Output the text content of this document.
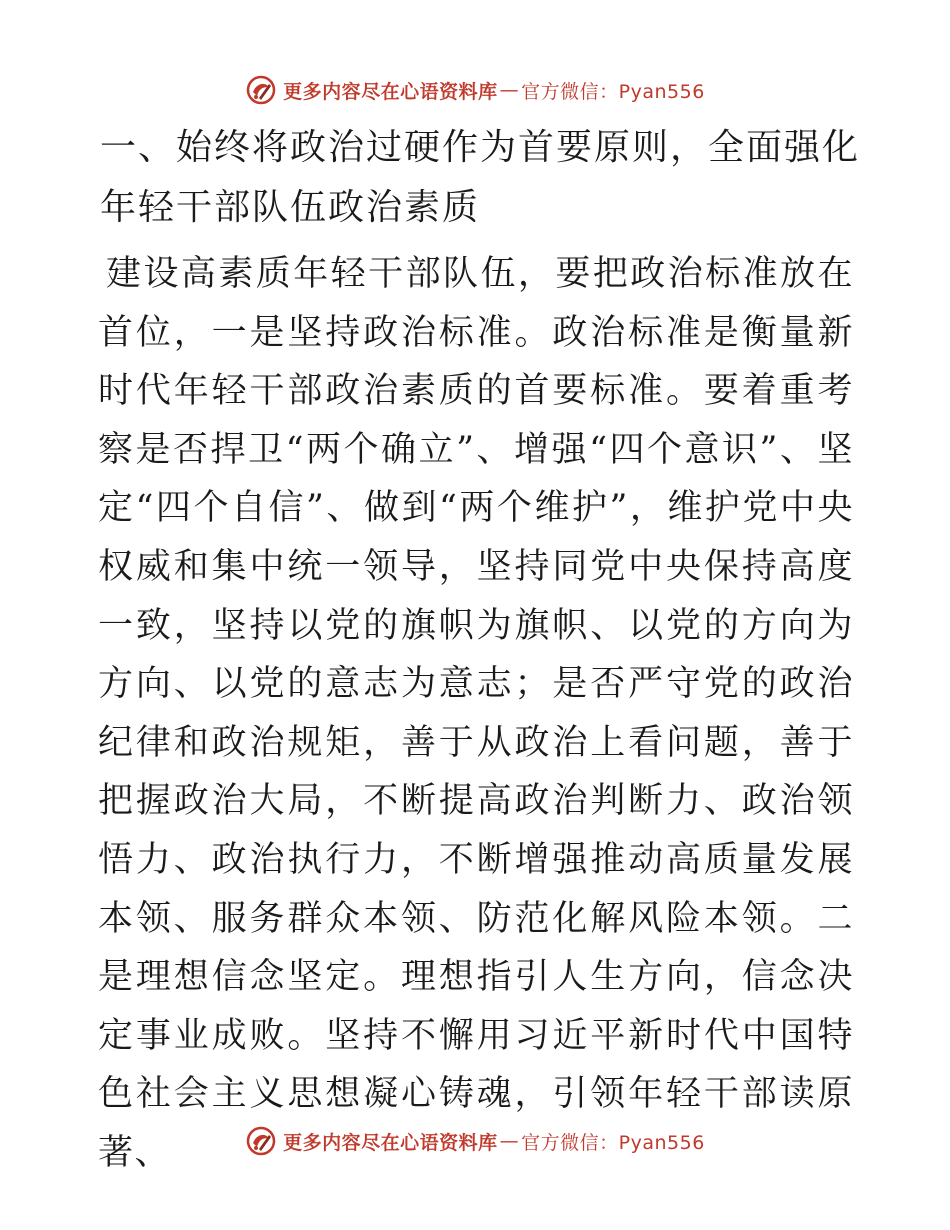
更多内容尽在心语资料库 — 官方微信：Pyan556
一、始终将政治过硬作为首要原则，全面强化年轻干部队伍政治素质

建设高素质年轻干部队伍，要把政治标准放在首位，一是坚持政治标准。政治标准是衡量新时代年轻干部政治素质的首要标准。要着重考察是否捍卫“两个确立”、增强“四个意识”、坚定“四个自信”、做到“两个维护”，维护党中央权威和集中统一领导，坚持同党中央保持高度一致，坚持以党的旗帜为旗帜、以党的方向为方向、以党的意志为意志；是否严守党的政治纪律和政治规矩，善于从政治上看问题，善于把握政治大局，不断提高政治判断力、政治领悟力、政治执行力，不断增强推动高质量发展本领、服务群众本领、防范化解风险本领。二是理想信念坚定。理想指引人生方向，信念决定事业成败。坚持不懈用习近平新时代中国特色社会主义思想凝心铸魂，引领年轻干部读原著、	更多内容尽在心语资料库 — 官方微信：Pyan556
